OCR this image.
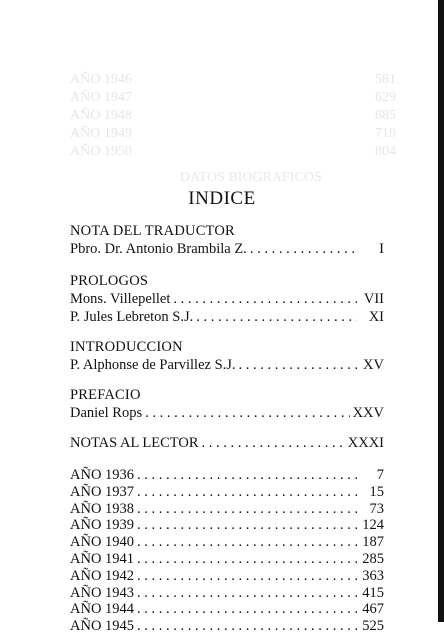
AÑO 1946	581
AÑO 1947	629
AÑO 1948	685
AÑO 1949	719
AÑO 1950	804
DATOS BIOGRAFICOS
INDICE
NOTA DEL TRADUCTOR
Pbro. Dr. Antonio Brambila Z. . . .	I
PROLOGOS
Mons. Villepellet . . .	VII
P. Jules Lebreton S.J. . . .	XI
INTRODUCCION
P. Alphonse de Parvillez S.J. . . .	XV
PREFACIO
Daniel Rops . . .	XXV
NOTAS AL LECTOR . . .	XXXI
AÑO 1936 . . .	7
AÑO 1937 . . .	15
AÑO 1938 . . .	73
AÑO 1939 . . .	124
AÑO 1940 . . .	187
AÑO 1941 . . .	285
AÑO 1942 . . .	363
AÑO 1943 . . .	415
AÑO 1944 . . .	467
AÑO 1945 . . .	525
